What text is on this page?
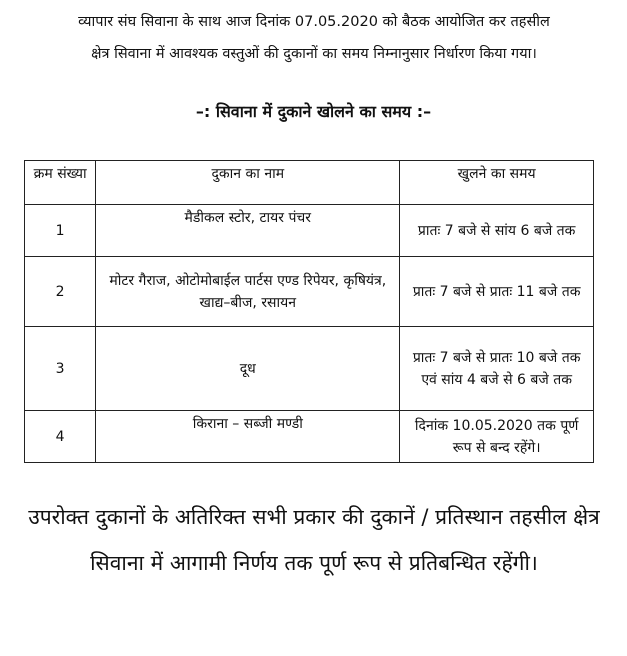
व्यापार संघ सिवाना के साथ आज दिनांक 07.05.2020 को बैठक आयोजित कर तहसील
क्षेत्र सिवाना में आवश्यक वस्तुओं की दुकानों का समय निम्नानुसार निर्धारण किया गया।
–: सिवाना में दुकाने खोलने का समय :–
क्रम संख्या	दुकान का नाम	खुलने का समय
1	मैडीकल स्टोर, टायर पंचर	प्रातः 7 बजे से सांय 6 बजे तक
2	मोटर गैराज, ओटोमोबाईल पार्टस एण्ड रिपेयर, कृषियंत्र, खाद्य–बीज, रसायन	प्रातः 7 बजे से प्रातः 11 बजे तक
3	दूध	प्रातः 7 बजे से प्रातः 10 बजे तक एवं सांय 4 बजे से 6 बजे तक
4	किराना – सब्जी मण्डी	दिनांक 10.05.2020 तक पूर्ण रूप से बन्द रहेंगे।
उपरोक्त दुकानों के अतिरिक्त सभी प्रकार की दुकानें / प्रतिस्थान तहसील क्षेत्र सिवाना में आगामी निर्णय तक पूर्ण रूप से प्रतिबन्धित रहेंगी।
